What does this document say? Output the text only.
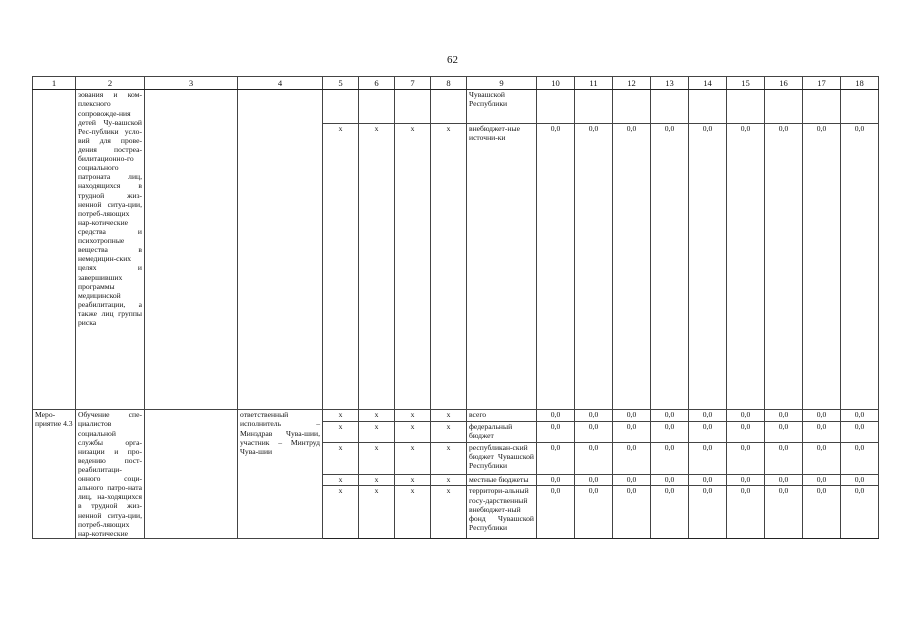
62
1	2	3	4	5	6	7	8	9	10	11	12	13	14	15	16	17	18
	зования и ком-плексного сопровожде-ния детей Чу-вашской Рес-публики усло-вий для прове-дения постреа-билитационно-го социального патроната лиц, находящихся в трудной жиз-ненной ситуа-ции, потреб-ляющих нар-котические средства и психотропные вещества в немедицин-ских целях и завершивших программы медицинской реабилитации, а также лиц группы риска							Чувашской Республики									
				х	х	х	х	внебюджет-ные источни-ки	0,0	0,0	0,0	0,0	0,0	0,0	0,0	0,0	0,0
Меро-приятие 4.3	Обучение спе-циалистов социальной службы орга-низации и про-ведению пост-реабилитаци-онного соци-ального патро-ната лиц, на-ходящихся в трудной жиз-ненной ситуа-ции, потреб-ляющих нар-котические		ответственный исполнитель – Минздрав Чува-шии, участник – Минтруд Чува-шии	х	х	х	х	всего	0,0	0,0	0,0	0,0	0,0	0,0	0,0	0,0	0,0
				х	х	х	х	федеральный бюджет	0,0	0,0	0,0	0,0	0,0	0,0	0,0	0,0	0,0
				х	х	х	х	республикан-ский бюджет Чувашской Республики	0,0	0,0	0,0	0,0	0,0	0,0	0,0	0,0	0,0
				х	х	х	х	местные бюджеты	0,0	0,0	0,0	0,0	0,0	0,0	0,0	0,0	0,0
				х	х	х	х	территори-альный госу-дарственный внебюджет-ный фонд Чувашской Республики	0,0	0,0	0,0	0,0	0,0	0,0	0,0	0,0	0,0
